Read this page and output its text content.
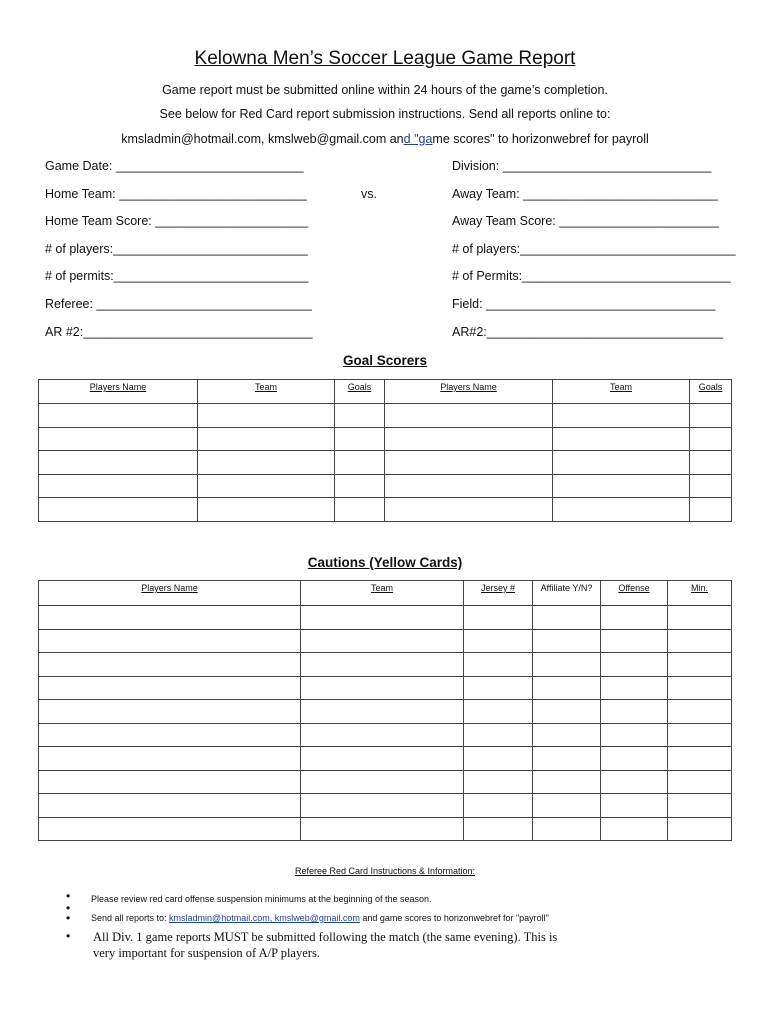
Kelowna Men’s Soccer League Game Report
Game report must be submitted online within 24 hours of the game’s completion.
See below for Red Card report submission instructions. Send all reports online to:
kmsladmin@hotmail.com, kmslweb@gmail.com and "game scores" to horizonwebref for payroll
Game Date: ___________________________	Division: ______________________________
Home Team: ___________________________	vs.	Away Team: ____________________________
Home Team Score: ______________________	Away Team Score: _______________________
# of players:____________________________	# of players:_______________________________
# of permits:____________________________	# of Permits:______________________________
Referee: _______________________________	Field: _________________________________
AR #2:_________________________________	AR#2:__________________________________
Goal Scorers
Players Name	Team	Goals	Players Name	Team	Goals

Cautions (Yellow Cards)
Players Name	Team	Jersey #	Affiliate Y/N?	Offense	Min.

Referee Red Card Instructions & Information:
• Please review red card offense suspension minimums at the beginning of the season.
•
• Send all reports to: kmsladmin@hotmail.com, kmslweb@gmail.com and game scores to horizonwebref for "payroll"
• All Div. 1 game reports MUST be submitted following the match (the same evening). This is
very important for suspension of A/P players.
